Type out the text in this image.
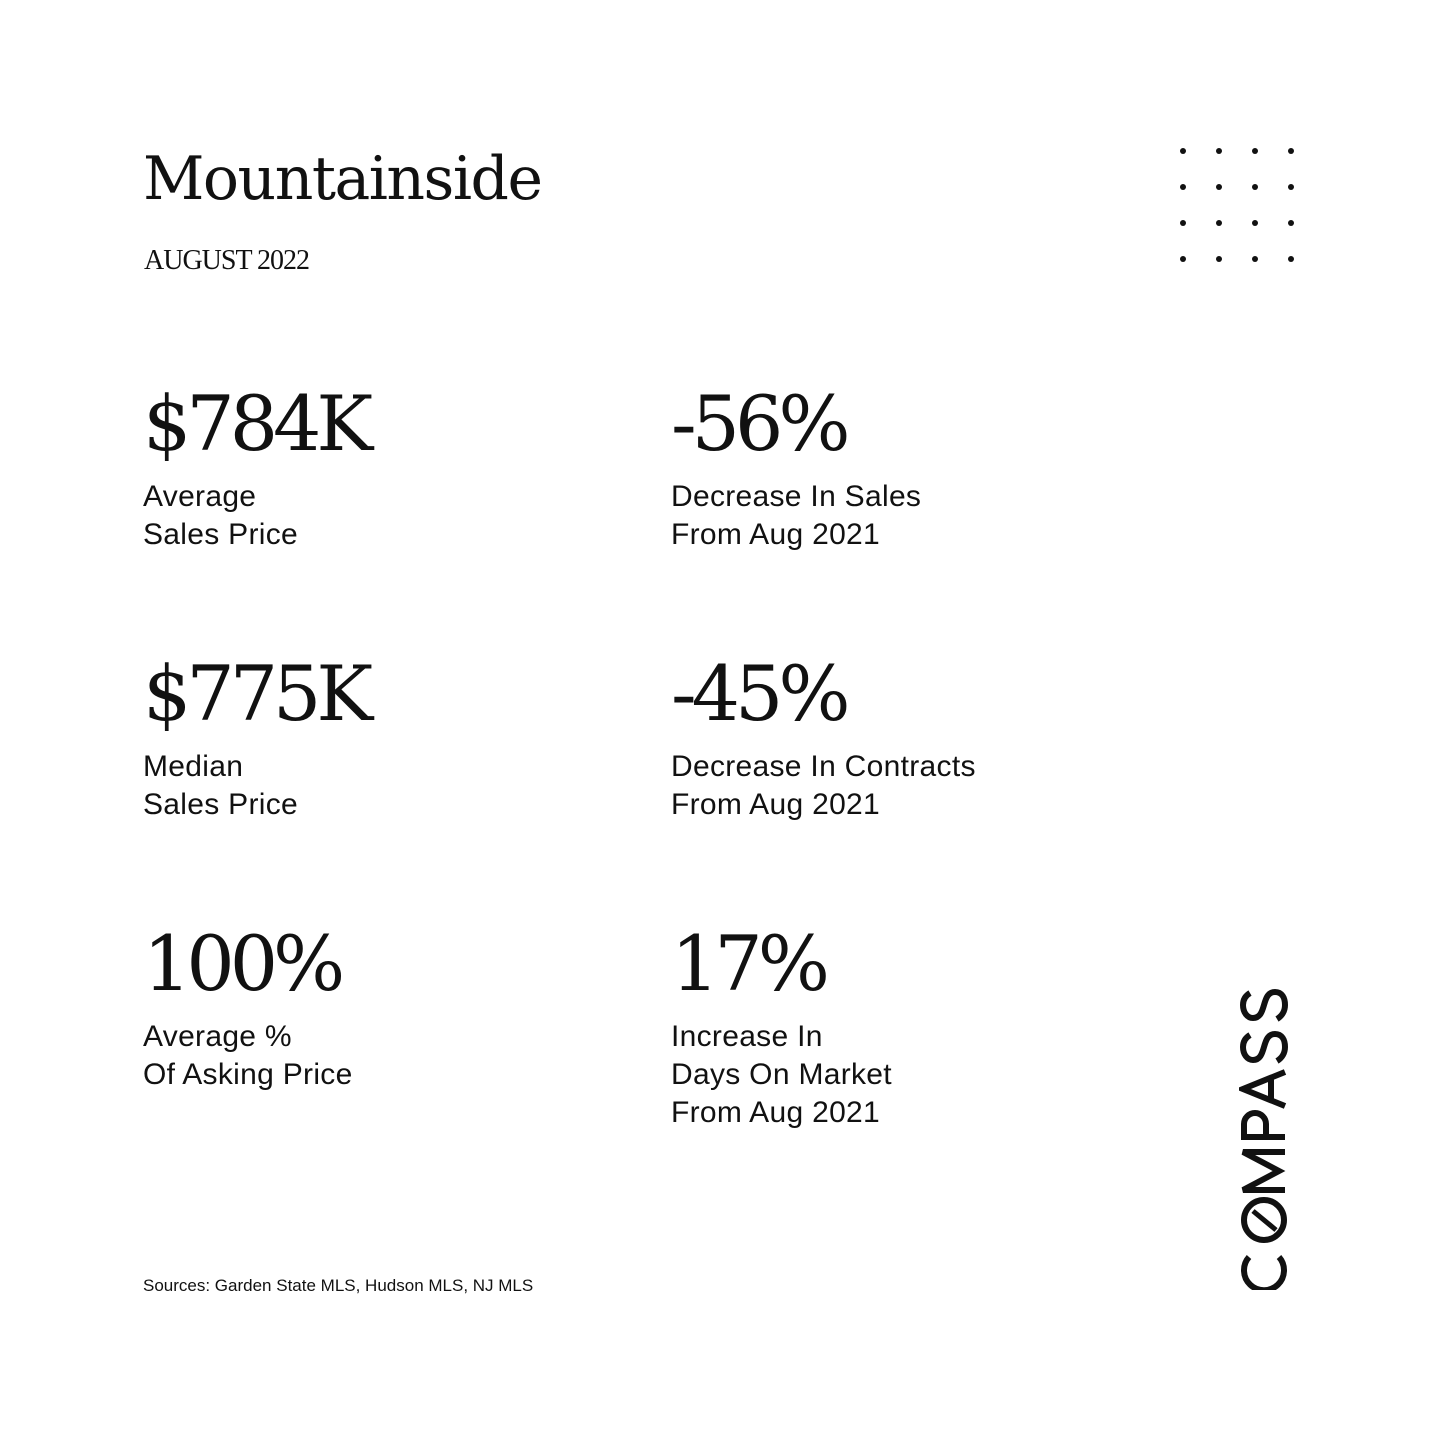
Mountainside
AUGUST 2022
$784K
Average
Sales Price
-56%
Decrease In Sales
From Aug 2021
$775K
Median
Sales Price
-45%
Decrease In Contracts
From Aug 2021
100%
Average %
Of Asking Price
17%
Increase In
Days On Market
From Aug 2021
Sources: Garden State MLS, Hudson MLS, NJ MLS
